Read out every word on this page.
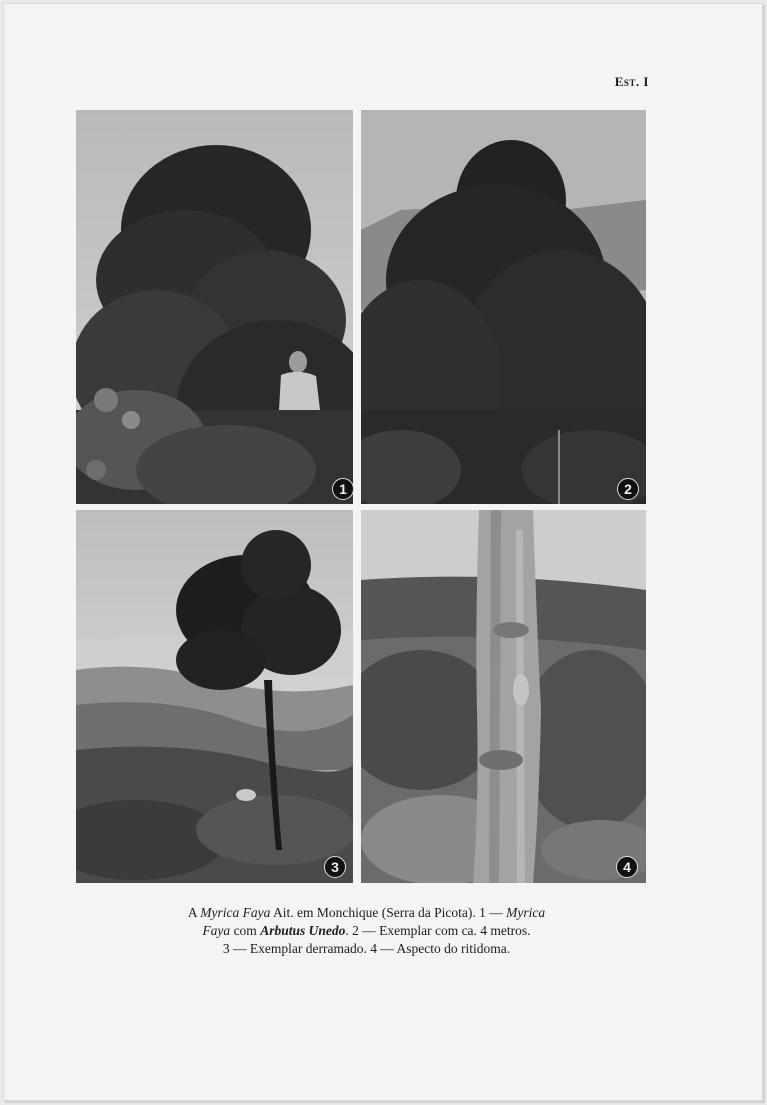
Est. I
1	2
3	4
A Myrica Faya Ait. em Monchique (Serra da Picota). 1 — Myrica
Faya com Arbutus Unedo. 2 — Exemplar com ca. 4 metros.
3 — Exemplar derramado. 4 — Aspecto do ritidoma.
